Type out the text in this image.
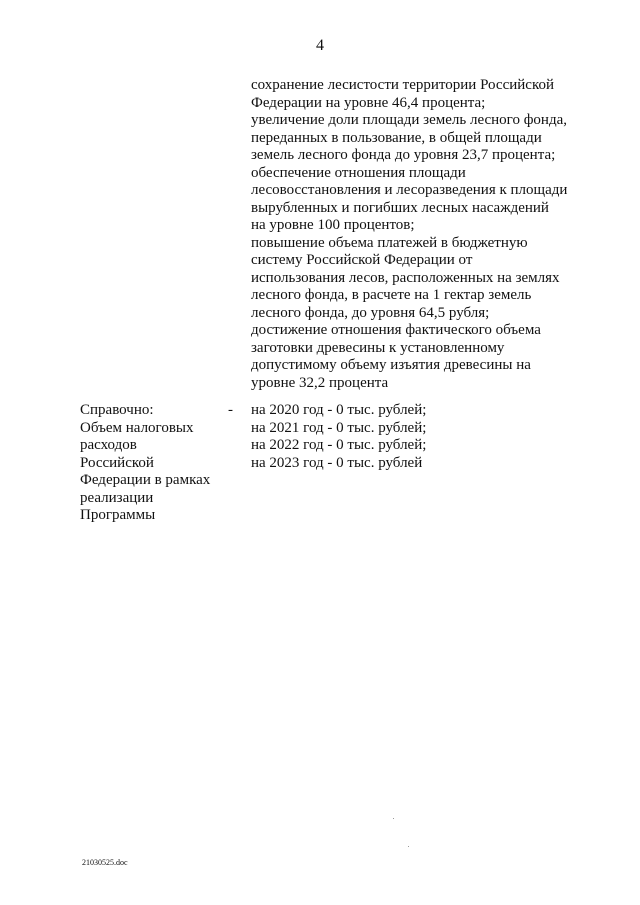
4
сохранение лесистости территории Российской
Федерации на уровне 46,4 процента;
увеличение доли площади земель лесного фонда,
переданных в пользование, в общей площади
земель лесного фонда до уровня 23,7 процента;
обеспечение отношения площади
лесовосстановления и лесоразведения к площади
вырубленных и погибших лесных насаждений
на уровне 100 процентов;
повышение объема платежей в бюджетную
систему Российской Федерации от
использования лесов, расположенных на землях
лесного фонда, в расчете на 1 гектар земель
лесного фонда, до уровня 64,5 рубля;
достижение отношения фактического объема
заготовки древесины к установленному
допустимому объему изъятия древесины на
уровне 32,2 процента
Справочно:
Объем налоговых
расходов
Российской
Федерации в рамках
реализации
Программы
- на 2020 год - 0 тыс. рублей;
на 2021 год - 0 тыс. рублей;
на 2022 год - 0 тыс. рублей;
на 2023 год - 0 тыс. рублей
21030525.doc
